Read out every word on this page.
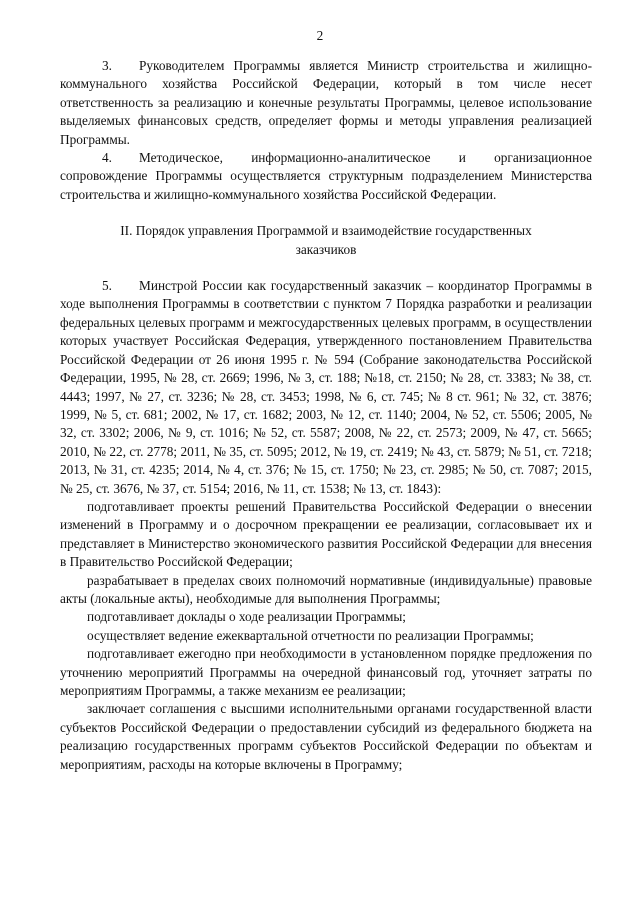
2

3. Руководителем Программы является Министр строительства и жилищно-коммунального хозяйства Российской Федерации, который в том числе несет ответственность за реализацию и конечные результаты Программы, целевое использование выделяемых финансовых средств, определяет формы и методы управления реализацией Программы.

4. Методическое, информационно-аналитическое и организационное сопровождение Программы осуществляется структурным подразделением Министерства строительства и жилищно-коммунального хозяйства Российской Федерации.

II. Порядок управления Программой и взаимодействие государственных заказчиков

5. Минстрой России как государственный заказчик – координатор Программы в ходе выполнения Программы в соответствии с пунктом 7 Порядка разработки и реализации федеральных целевых программ и межгосударственных целевых программ, в осуществлении которых участвует Российская Федерация, утвержденного постановлением Правительства Российской Федерации от 26 июня 1995 г. № 594 (Собрание законодательства Российской Федерации, 1995, № 28, ст. 2669; 1996, № 3, ст. 188; №18, ст. 2150; № 28, ст. 3383; № 38, ст. 4443; 1997, № 27, ст. 3236; № 28, ст. 3453; 1998, № 6, ст. 745; № 8 ст. 961; № 32, ст. 3876; 1999, № 5, ст. 681; 2002, № 17, ст. 1682; 2003, № 12, ст. 1140; 2004, № 52, ст. 5506; 2005, № 32, ст. 3302; 2006, № 9, ст. 1016; № 52, ст. 5587; 2008, № 22, ст. 2573; 2009, № 47, ст. 5665; 2010, № 22, ст. 2778; 2011, № 35, ст. 5095; 2012, № 19, ст. 2419; № 43, ст. 5879; № 51, ст. 7218; 2013, № 31, ст. 4235; 2014, № 4, ст. 376; № 15, ст. 1750; № 23, ст. 2985; № 50, ст. 7087; 2015, № 25, ст. 3676, № 37, ст. 5154; 2016, № 11, ст. 1538; № 13, ст. 1843):

подготавливает проекты решений Правительства Российской Федерации о внесении изменений в Программу и о досрочном прекращении ее реализации, согласовывает их и представляет в Министерство экономического развития Российской Федерации для внесения в Правительство Российской Федерации;

разрабатывает в пределах своих полномочий нормативные (индивидуальные) правовые акты (локальные акты), необходимые для выполнения Программы;

подготавливает доклады о ходе реализации Программы;

осуществляет ведение ежеквартальной отчетности по реализации Программы;

подготавливает ежегодно при необходимости в установленном порядке предложения по уточнению мероприятий Программы на очередной финансовый год, уточняет затраты по мероприятиям Программы, а также механизм ее реализации;

заключает соглашения с высшими исполнительными органами государственной власти субъектов Российской Федерации о предоставлении субсидий из федерального бюджета на реализацию государственных программ субъектов Российской Федерации по объектам и мероприятиям, расходы на которые включены в Программу;
